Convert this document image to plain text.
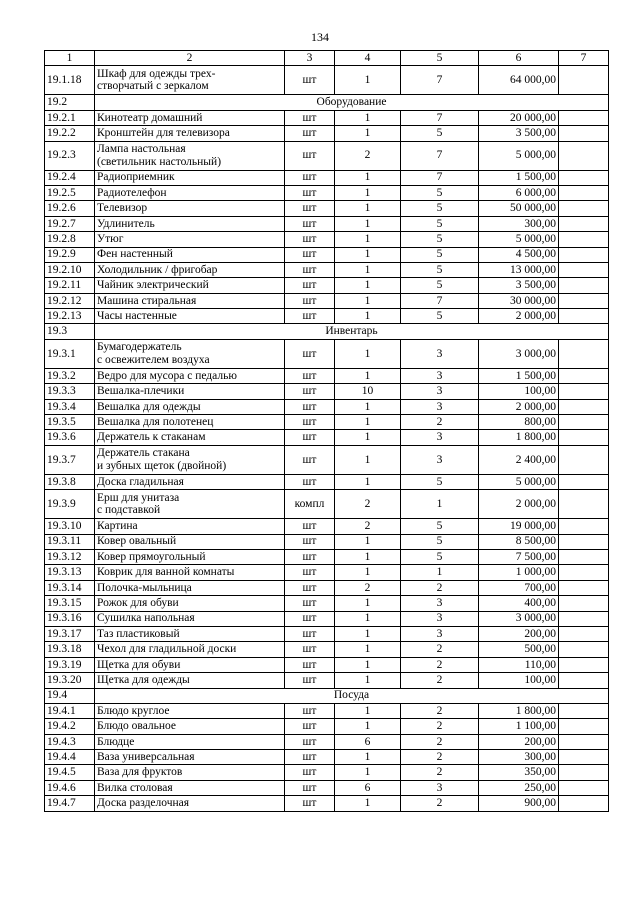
134
1	2	3	4	5	6	7
19.1.18	Шкаф для одежды трех-
створчатый с зеркалом	шт	1	7	64 000,00	
19.2	Оборудование					
19.2.1	Кинотеатр домашний	шт	1	7	20 000,00	
19.2.2	Кронштейн для телевизора	шт	1	5	3 500,00	
19.2.3	Лампа настольная
(светильник настольный)	шт	2	7	5 000,00	
19.2.4	Радиоприемник	шт	1	7	1 500,00	
19.2.5	Радиотелефон	шт	1	5	6 000,00	
19.2.6	Телевизор	шт	1	5	50 000,00	
19.2.7	Удлинитель	шт	1	5	300,00	
19.2.8	Утюг	шт	1	5	5 000,00	
19.2.9	Фен настенный	шт	1	5	4 500,00	
19.2.10	Холодильник / фригобар	шт	1	5	13 000,00	
19.2.11	Чайник электрический	шт	1	5	3 500,00	
19.2.12	Машина стиральная	шт	1	7	30 000,00	
19.2.13	Часы настенные	шт	1	5	2 000,00	
19.3	Инвентарь					
19.3.1	Бумагодержатель
с освежителем воздуха	шт	1	3	3 000,00	
19.3.2	Ведро для мусора с педалью	шт	1	3	1 500,00	
19.3.3	Вешалка-плечики	шт	10	3	100,00	
19.3.4	Вешалка для одежды	шт	1	3	2 000,00	
19.3.5	Вешалка для полотенец	шт	1	2	800,00	
19.3.6	Держатель к стаканам	шт	1	3	1 800,00	
19.3.7	Держатель стакана
и зубных щеток (двойной)	шт	1	3	2 400,00	
19.3.8	Доска гладильная	шт	1	5	5 000,00	
19.3.9	Ерш для унитаза
с подставкой	компл	2	1	2 000,00	
19.3.10	Картина	шт	2	5	19 000,00	
19.3.11	Ковер овальный	шт	1	5	8 500,00	
19.3.12	Ковер прямоугольный	шт	1	5	7 500,00	
19.3.13	Коврик для ванной комнаты	шт	1	1	1 000,00	
19.3.14	Полочка-мыльница	шт	2	2	700,00	
19.3.15	Рожок для обуви	шт	1	3	400,00	
19.3.16	Сушилка напольная	шт	1	3	3 000,00	
19.3.17	Таз пластиковый	шт	1	3	200,00	
19.3.18	Чехол для гладильной доски	шт	1	2	500,00	
19.3.19	Щетка для обуви	шт	1	2	110,00	
19.3.20	Щетка для одежды	шт	1	2	100,00	
19.4	Посуда					
19.4.1	Блюдо круглое	шт	1	2	1 800,00	
19.4.2	Блюдо овальное	шт	1	2	1 100,00	
19.4.3	Блюдце	шт	6	2	200,00	
19.4.4	Ваза универсальная	шт	1	2	300,00	
19.4.5	Ваза для фруктов	шт	1	2	350,00	
19.4.6	Вилка столовая	шт	6	3	250,00	
19.4.7	Доска разделочная	шт	1	2	900,00	
